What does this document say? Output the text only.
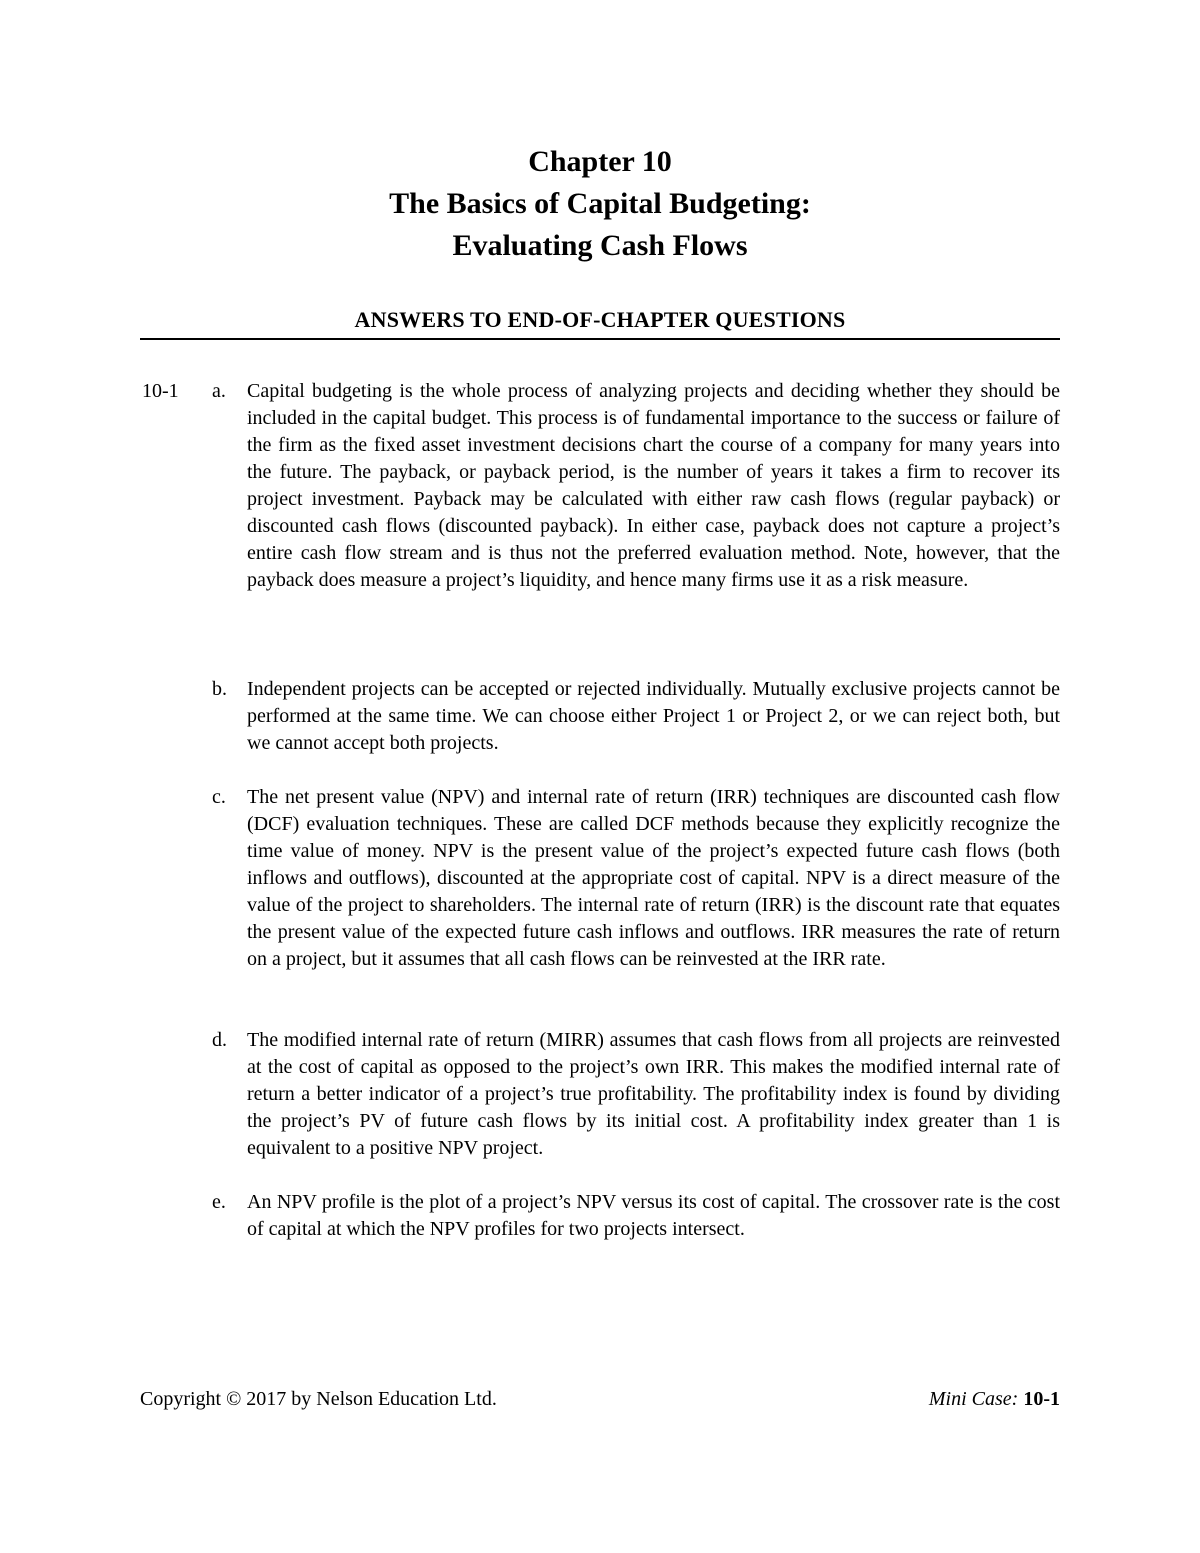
Chapter 10
The Basics of Capital Budgeting:
Evaluating Cash Flows
ANSWERS TO END-OF-CHAPTER QUESTIONS
10-1 a. Capital budgeting is the whole process of analyzing projects and deciding whether they should be included in the capital budget. This process is of fundamental importance to the success or failure of the firm as the fixed asset investment decisions chart the course of a company for many years into the future. The payback, or payback period, is the number of years it takes a firm to recover its project investment. Payback may be calculated with either raw cash flows (regular payback) or discounted cash flows (discounted payback). In either case, payback does not capture a project’s entire cash flow stream and is thus not the preferred evaluation method. Note, however, that the payback does measure a project’s liquidity, and hence many firms use it as a risk measure.

b. Independent projects can be accepted or rejected individually. Mutually exclusive projects cannot be performed at the same time. We can choose either Project 1 or Project 2, or we can reject both, but we cannot accept both projects.

c. The net present value (NPV) and internal rate of return (IRR) techniques are discounted cash flow (DCF) evaluation techniques. These are called DCF methods because they explicitly recognize the time value of money. NPV is the present value of the project’s expected future cash flows (both inflows and outflows), discounted at the appropriate cost of capital. NPV is a direct measure of the value of the project to shareholders. The internal rate of return (IRR) is the discount rate that equates the present value of the expected future cash inflows and outflows. IRR measures the rate of return on a project, but it assumes that all cash flows can be reinvested at the IRR rate.

d. The modified internal rate of return (MIRR) assumes that cash flows from all projects are reinvested at the cost of capital as opposed to the project’s own IRR. This makes the modified internal rate of return a better indicator of a project’s true profitability. The profitability index is found by dividing the project’s PV of future cash flows by its initial cost. A profitability index greater than 1 is equivalent to a positive NPV project.

e. An NPV profile is the plot of a project’s NPV versus its cost of capital. The crossover rate is the cost of capital at which the NPV profiles for two projects intersect.

Copyright © 2017 by Nelson Education Ltd.	Mini Case: 10-1
